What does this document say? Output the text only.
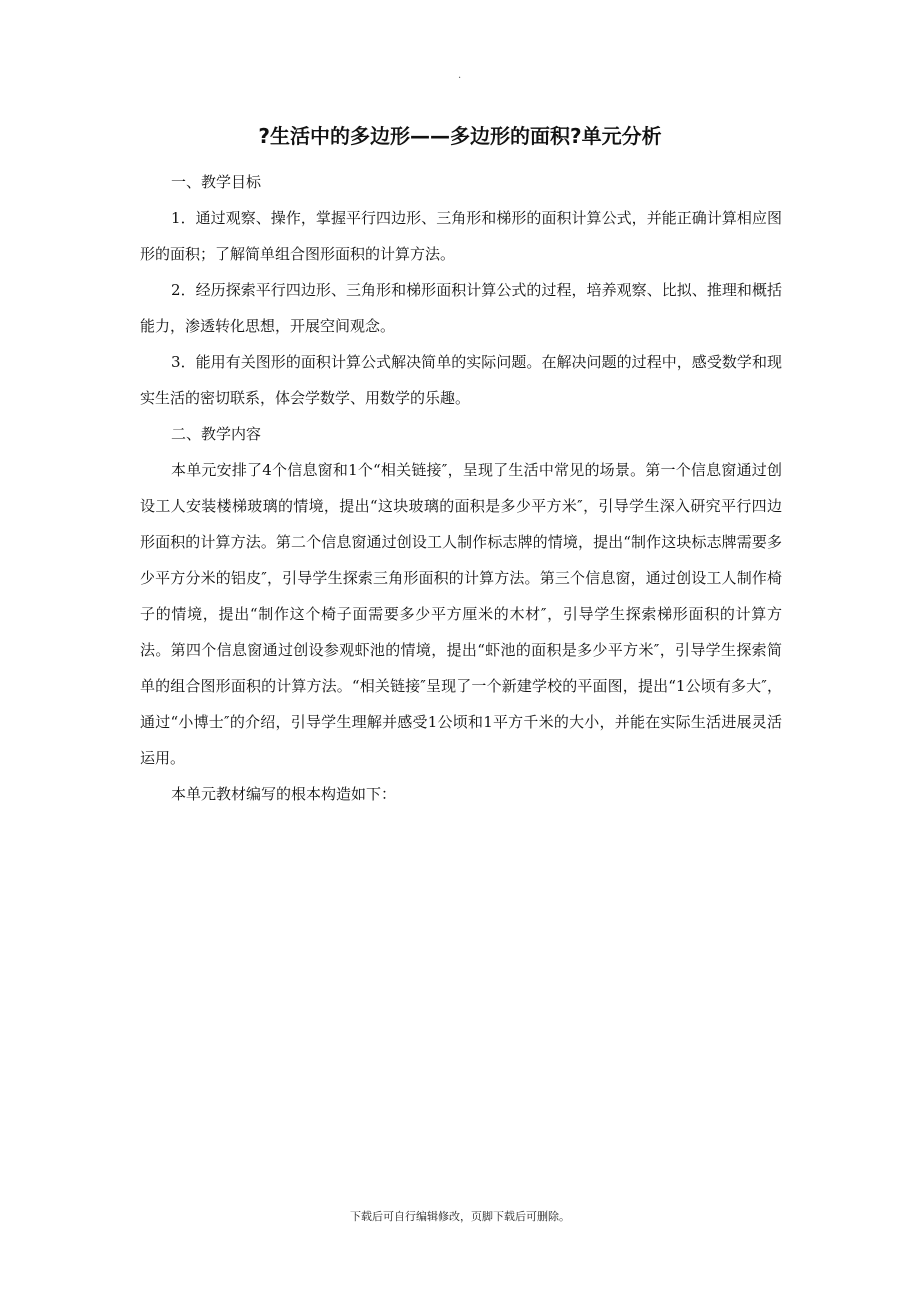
.
?生活中的多边形——多边形的面积?单元分析

一、教学目标

1．通过观察、操作，掌握平行四边形、三角形和梯形的面积计算公式，并能正确计算相应图形的面积；了解简单组合图形面积的计算方法。

2．经历探索平行四边形、三角形和梯形面积计算公式的过程，培养观察、比拟、推理和概括能力，渗透转化思想，开展空间观念。

3．能用有关图形的面积计算公式解决简单的实际问题。在解决问题的过程中，感受数学和现实生活的密切联系，体会学数学、用数学的乐趣。

二、教学内容

本单元安排了4个信息窗和1个“相关链接″，呈现了生活中常见的场景。第一个信息窗通过创设工人安装楼梯玻璃的情境，提出“这块玻璃的面积是多少平方米″，引导学生深入研究平行四边形面积的计算方法。第二个信息窗通过创设工人制作标志牌的情境，提出“制作这块标志牌需要多少平方分米的铝皮″，引导学生探索三角形面积的计算方法。第三个信息窗，通过创设工人制作椅子的情境，提出“制作这个椅子面需要多少平方厘米的木材″，引导学生探索梯形面积的计算方法。第四个信息窗通过创设参观虾池的情境，提出“虾池的面积是多少平方米″，引导学生探索简单的组合图形面积的计算方法。“相关链接″呈现了一个新建学校的平面图，提出“1公顷有多大″，通过“小博士″的介绍，引导学生理解并感受1公顷和1平方千米的大小，并能在实际生活进展灵活运用。

本单元教材编写的根本构造如下：

下载后可自行编辑修改，页脚下载后可删除。
